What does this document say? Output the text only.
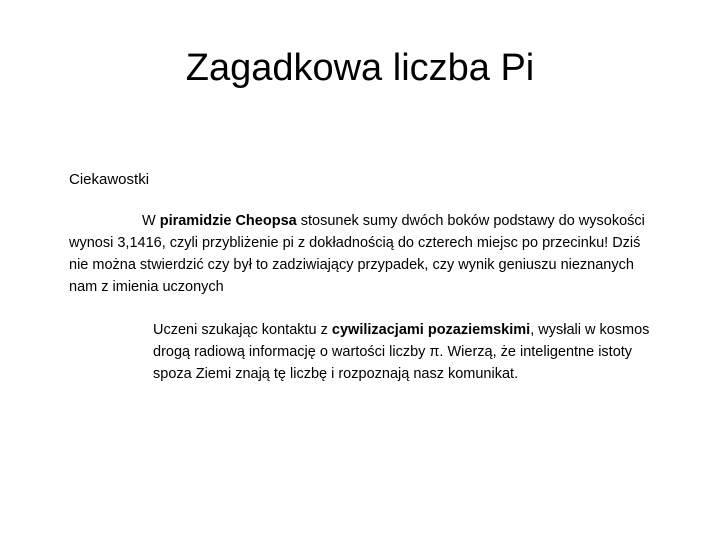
Zagadkowa liczba Pi

Ciekawostki

W piramidzie Cheopsa stosunek sumy dwóch boków podstawy do wysokości wynosi 3,1416, czyli przybliżenie pi z dokładnością do czterech miejsc po przecinku! Dziś nie można stwierdzić czy był to zadziwiający przypadek, czy wynik geniuszu nieznanych nam z imienia uczonych

Uczeni szukając kontaktu z cywilizacjami pozaziemskimi, wysłali w kosmos drogą radiową informację o wartości liczby π. Wierzą, że inteligentne istoty spoza Ziemi znają tę liczbę i rozpoznają nasz komunikat.
